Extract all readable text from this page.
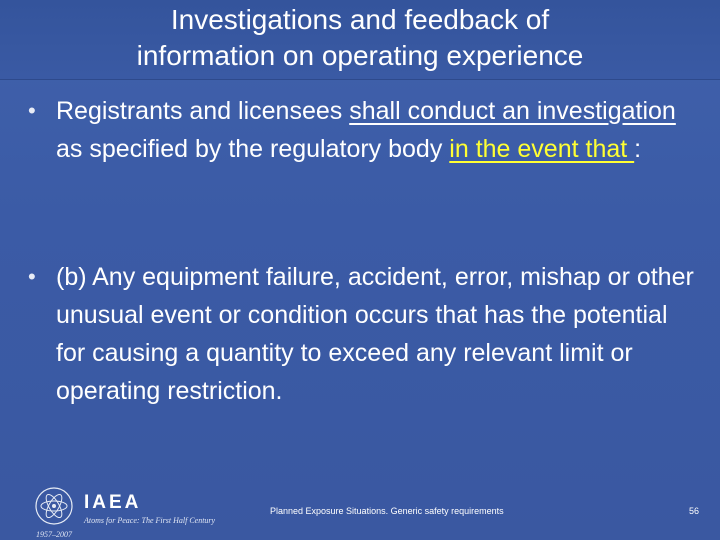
Investigations and feedback of
information on operating experience
• Registrants and licensees shall conduct an investigation as specified by the regulatory body in the event that :
• (b) Any equipment failure, accident, error, mishap or other unusual event or condition occurs that has the potential for causing a quantity to exceed any relevant limit or operating restriction.
IAEA
Atoms for Peace: The First Half Century
1957–2007
Planned Exposure Situations. Generic safety requirements	56
